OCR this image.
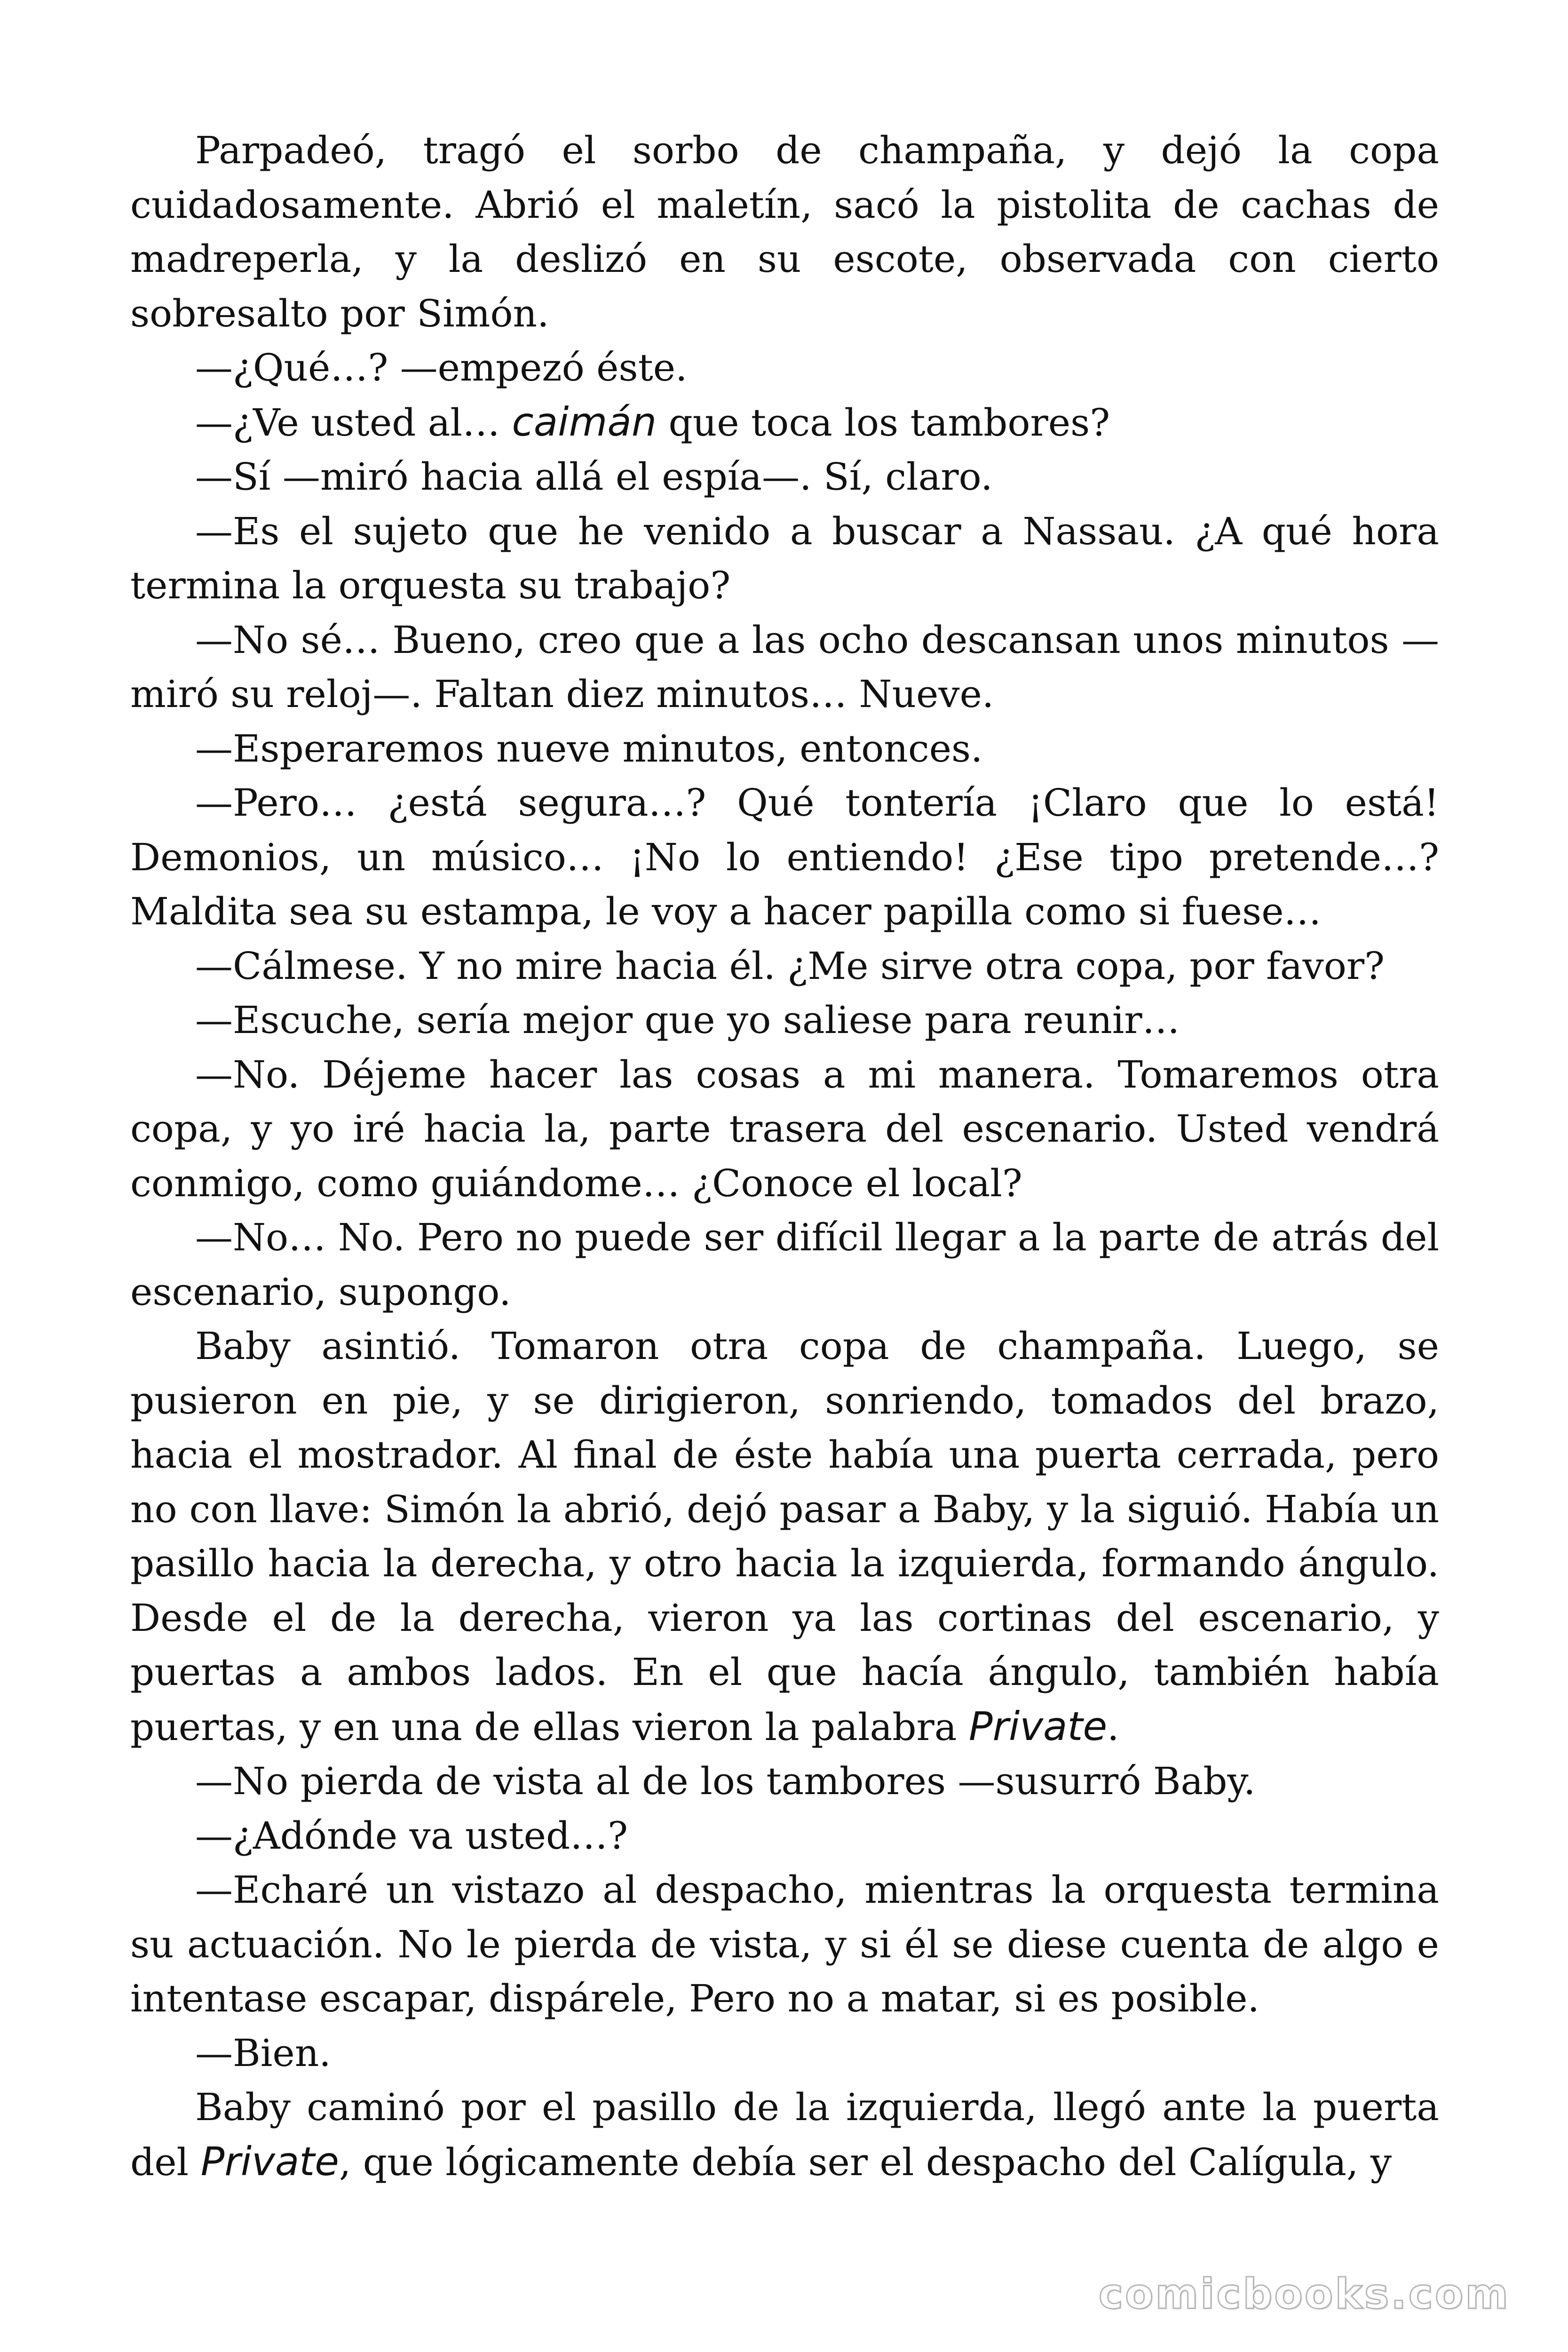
Parpadeó, tragó el sorbo de champaña, y dejó la copa cuidadosamente. Abrió el maletín, sacó la pistolita de cachas de madreperla, y la deslizó en su escote, observada con cierto sobresalto por Simón.

—¿Qué…? —empezó éste.

—¿Ve usted al… caimán que toca los tambores?

—Sí —miró hacia allá el espía—. Sí, claro.

—Es el sujeto que he venido a buscar a Nassau. ¿A qué hora termina la orquesta su trabajo?

—No sé… Bueno, creo que a las ocho descansan unos minutos —miró su reloj—. Faltan diez minutos… Nueve.

—Esperaremos nueve minutos, entonces.

—Pero… ¿está segura…? Qué tontería ¡Claro que lo está! Demonios, un músico… ¡No lo entiendo! ¿Ese tipo pretende…? Maldita sea su estampa, le voy a hacer papilla como si fuese…

—Cálmese. Y no mire hacia él. ¿Me sirve otra copa, por favor?

—Escuche, sería mejor que yo saliese para reunir…

—No. Déjeme hacer las cosas a mi manera. Tomaremos otra copa, y yo iré hacia la, parte trasera del escenario. Usted vendrá conmigo, como guiándome… ¿Conoce el local?

—No… No. Pero no puede ser difícil llegar a la parte de atrás del escenario, supongo.

Baby asintió. Tomaron otra copa de champaña. Luego, se pusieron en pie, y se dirigieron, sonriendo, tomados del brazo, hacia el mostrador. Al final de éste había una puerta cerrada, pero no con llave: Simón la abrió, dejó pasar a Baby, y la siguió. Había un pasillo hacia la derecha, y otro hacia la izquierda, formando ángulo. Desde el de la derecha, vieron ya las cortinas del escenario, y puertas a ambos lados. En el que hacía ángulo, también había puertas, y en una de ellas vieron la palabra Private.

—No pierda de vista al de los tambores —susurró Baby.

—¿Adónde va usted…?

—Echaré un vistazo al despacho, mientras la orquesta termina su actuación. No le pierda de vista, y si él se diese cuenta de algo e intentase escapar, dispárele, Pero no a matar, si es posible.

—Bien.

Baby caminó por el pasillo de la izquierda, llegó ante la puerta del Private, que lógicamente debía ser el despacho del Calígula, y

comicbooks.com
